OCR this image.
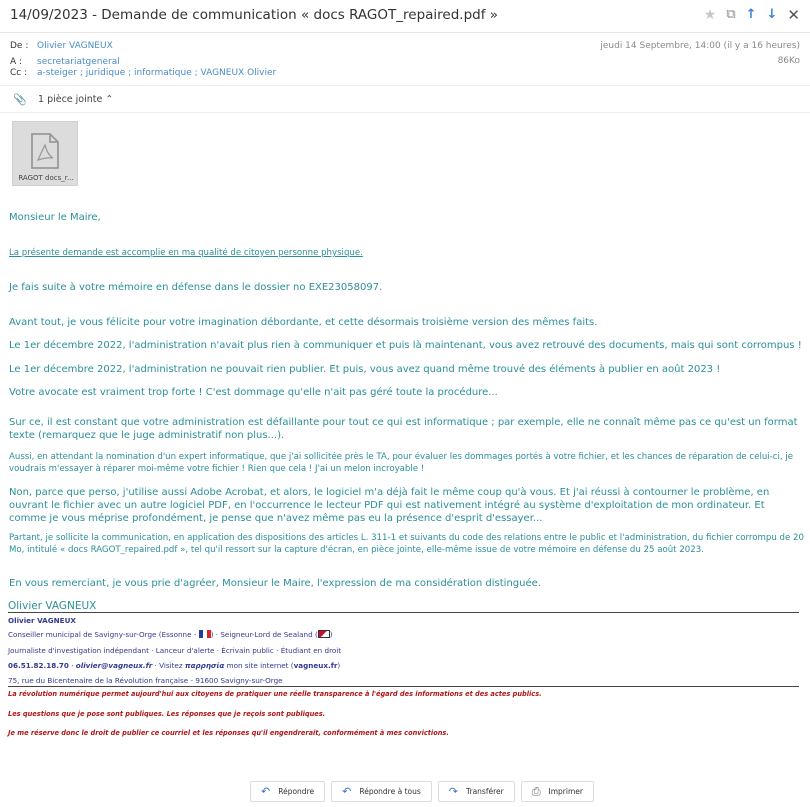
14/09/2023 - Demande de communication « docs RAGOT_repaired.pdf »	★ ⧉ ↑ ↓ ✕
De : Olivier VAGNEUX
A :	secretariatgeneral
Cc :	a-steiger ; juridique ; informatique ; VAGNEUX Olivier
jeudi 14 Septembre, 14:00 (il y a 16 heures)
86Ko
📎 1 pièce jointe ⌃
RAGOT docs_r...
Monsieur le Maire,
La présente demande est accomplie en ma qualité de citoyen personne physique.
Je fais suite à votre mémoire en défense dans le dossier no EXE23058097.
Avant tout, je vous félicite pour votre imagination débordante, et cette désormais troisième version des mêmes faits.
Le 1er décembre 2022, l'administration n'avait plus rien à communiquer et puis là maintenant, vous avez retrouvé des documents, mais qui sont corrompus !
Le 1er décembre 2022, l'administration ne pouvait rien publier. Et puis, vous avez quand même trouvé des éléments à publier en août 2023 !
Votre avocate est vraiment trop forte ! C'est dommage qu'elle n'ait pas géré toute la procédure...
Sur ce, il est constant que votre administration est défaillante pour tout ce qui est informatique ; par exemple, elle ne connaît même pas ce qu'est un format texte (remarquez que le juge administratif non plus...).
Aussi, en attendant la nomination d'un expert informatique, que j'ai sollicitée près le TA, pour évaluer les dommages portés à votre fichier, et les chances de réparation de celui-ci, je voudrais m'essayer à réparer moi-même votre fichier ! Rien que cela ! J'ai un melon incroyable !
Non, parce que perso, j'utilise aussi Adobe Acrobat, et alors, le logiciel m'a déjà fait le même coup qu'à vous. Et j'ai réussi à contourner le problème, en ouvrant le fichier avec un autre logiciel PDF, en l'occurrence le lecteur PDF qui est nativement intégré au système d'exploitation de mon ordinateur. Et comme je vous méprise profondément, je pense que n'avez même pas eu la présence d'esprit d'essayer...
Partant, je sollicite la communication, en application des dispositions des articles L. 311-1 et suivants du code des relations entre le public et l'administration, du fichier corrompu de 20 Mo, intitulé « docs RAGOT_repaired.pdf », tel qu'il ressort sur la capture d'écran, en pièce jointe, elle-même issue de votre mémoire en défense du 25 août 2023.
En vous remerciant, je vous prie d'agréer, Monsieur le Maire, l'expression de ma considération distinguée.
Olivier VAGNEUX
Olivier VAGNEUX
Conseiller municipal de Savigny-sur-Orge (Essonne - ) · Seigneur-Lord de Sealand ( )
Journaliste d'investigation indépendant · Lanceur d'alerte · Écrivain public · Étudiant en droit
06.51.82.18.70 · olivier@vagneux.fr · Visitez παρρησία mon site internet (vagneux.fr)
75, rue du Bicentenaire de la Révolution française - 91600 Savigny-sur-Orge
La révolution numérique permet aujourd'hui aux citoyens de pratiquer une réelle transparence à l'égard des informations et des actes publics.
Les questions que je pose sont publiques. Les réponses que je reçois sont publiques.
Je me réserve donc le droit de publier ce courriel et les réponses qu'il engendrerait, conformément à mes convictions.
↶ Répondre	↶ Répondre à tous	↷ Transférer	⎙ Imprimer
